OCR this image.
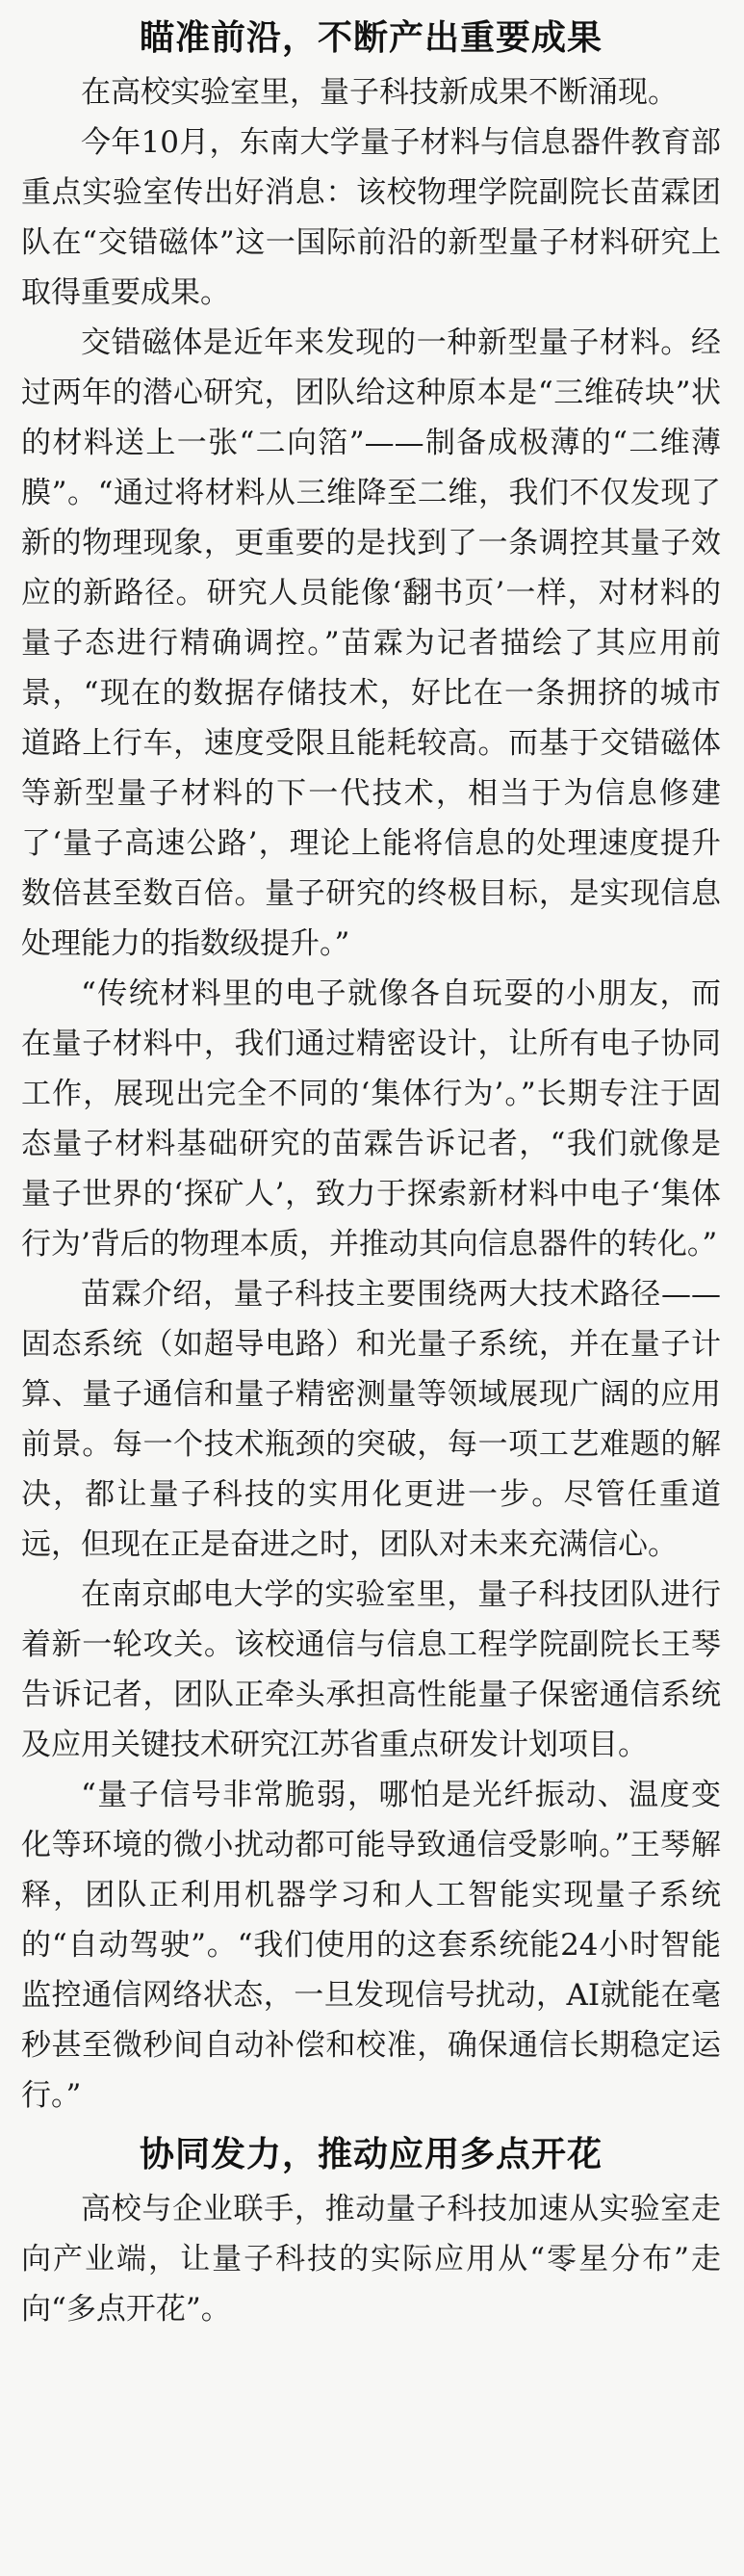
瞄准前沿，不断产出重要成果

在高校实验室里，量子科技新成果不断涌现。

今年10月，东南大学量子材料与信息器件教育部重点实验室传出好消息：该校物理学院副院长苗霖团队在“交错磁体”这一国际前沿的新型量子材料研究上取得重要成果。

交错磁体是近年来发现的一种新型量子材料。经过两年的潜心研究，团队给这种原本是“三维砖块”状的材料送上一张“二向箔”——制备成极薄的“二维薄膜”。“通过将材料从三维降至二维，我们不仅发现了新的物理现象，更重要的是找到了一条调控其量子效应的新路径。研究人员能像‘翻书页’一样，对材料的量子态进行精确调控。”苗霖为记者描绘了其应用前景，“现在的数据存储技术，好比在一条拥挤的城市道路上行车，速度受限且能耗较高。而基于交错磁体等新型量子材料的下一代技术，相当于为信息修建了‘量子高速公路’，理论上能将信息的处理速度提升数倍甚至数百倍。量子研究的终极目标，是实现信息处理能力的指数级提升。”

“传统材料里的电子就像各自玩耍的小朋友，而在量子材料中，我们通过精密设计，让所有电子协同工作，展现出完全不同的‘集体行为’。”长期专注于固态量子材料基础研究的苗霖告诉记者，“我们就像是量子世界的‘探矿人’，致力于探索新材料中电子‘集体行为’背后的物理本质，并推动其向信息器件的转化。”

苗霖介绍，量子科技主要围绕两大技术路径——固态系统（如超导电路）和光量子系统，并在量子计算、量子通信和量子精密测量等领域展现广阔的应用前景。每一个技术瓶颈的突破，每一项工艺难题的解决，都让量子科技的实用化更进一步。尽管任重道远，但现在正是奋进之时，团队对未来充满信心。

在南京邮电大学的实验室里，量子科技团队进行着新一轮攻关。该校通信与信息工程学院副院长王琴告诉记者，团队正牵头承担高性能量子保密通信系统及应用关键技术研究江苏省重点研发计划项目。

“量子信号非常脆弱，哪怕是光纤振动、温度变化等环境的微小扰动都可能导致通信受影响。”王琴解释，团队正利用机器学习和人工智能实现量子系统的“自动驾驶”。“我们使用的这套系统能24小时智能监控通信网络状态，一旦发现信号扰动，AI就能在毫秒甚至微秒间自动补偿和校准，确保通信长期稳定运行。”

协同发力，推动应用多点开花

高校与企业联手，推动量子科技加速从实验室走向产业端，让量子科技的实际应用从“零星分布”走向“多点开花”。
